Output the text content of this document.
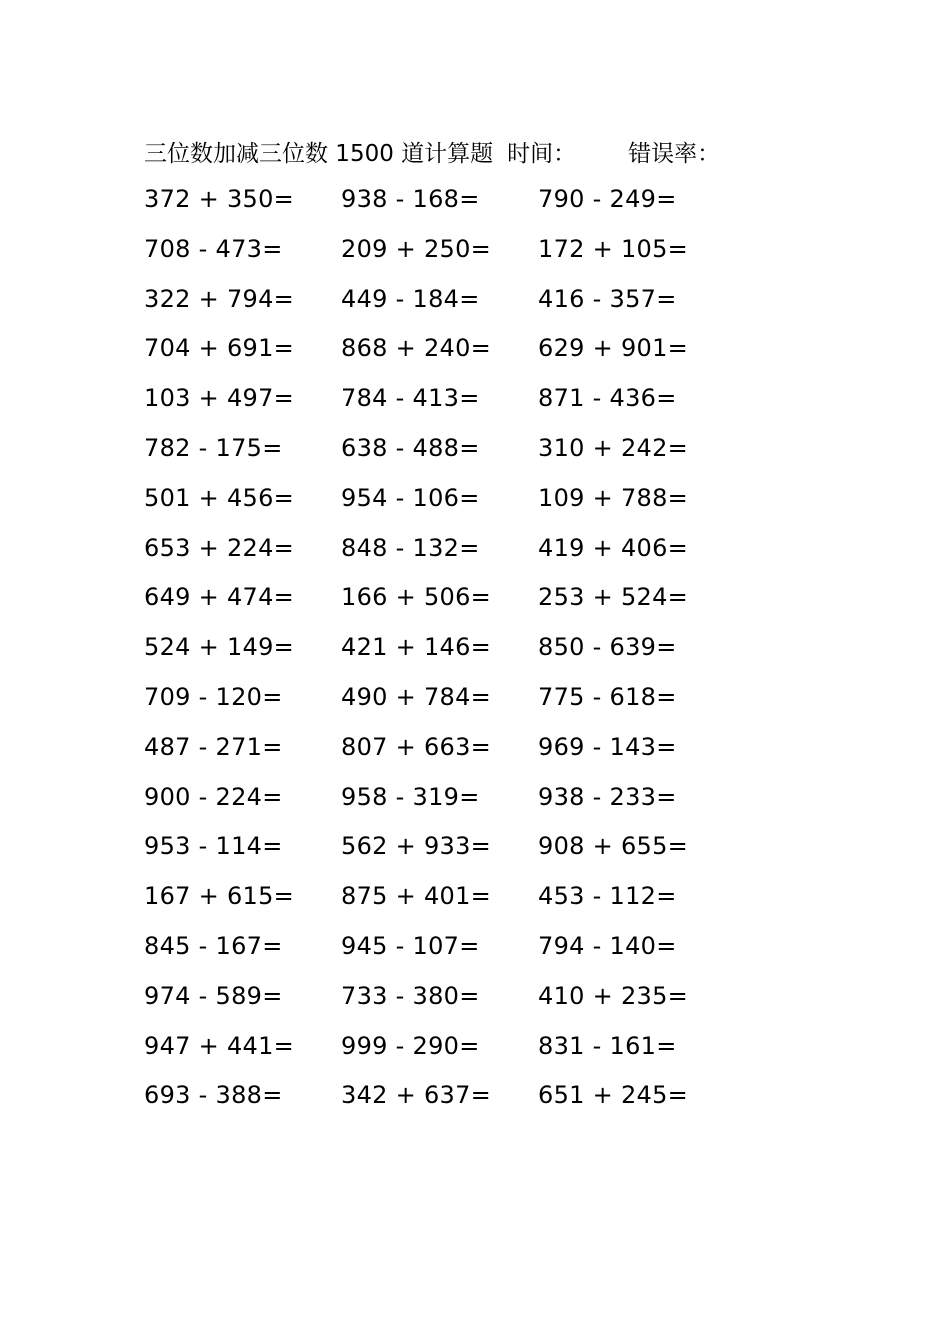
三位数加减三位数 1500 道计算题 时间： 错误率：
372 + 350=	938 - 168=	790 - 249=
708 - 473=	209 + 250=	172 + 105=
322 + 794=	449 - 184=	416 - 357=
704 + 691=	868 + 240=	629 + 901=
103 + 497=	784 - 413=	871 - 436=
782 - 175=	638 - 488=	310 + 242=
501 + 456=	954 - 106=	109 + 788=
653 + 224=	848 - 132=	419 + 406=
649 + 474=	166 + 506=	253 + 524=
524 + 149=	421 + 146=	850 - 639=
709 - 120=	490 + 784=	775 - 618=
487 - 271=	807 + 663=	969 - 143=
900 - 224=	958 - 319=	938 - 233=
953 - 114=	562 + 933=	908 + 655=
167 + 615=	875 + 401=	453 - 112=
845 - 167=	945 - 107=	794 - 140=
974 - 589=	733 - 380=	410 + 235=
947 + 441=	999 - 290=	831 - 161=
693 - 388=	342 + 637=	651 + 245=
